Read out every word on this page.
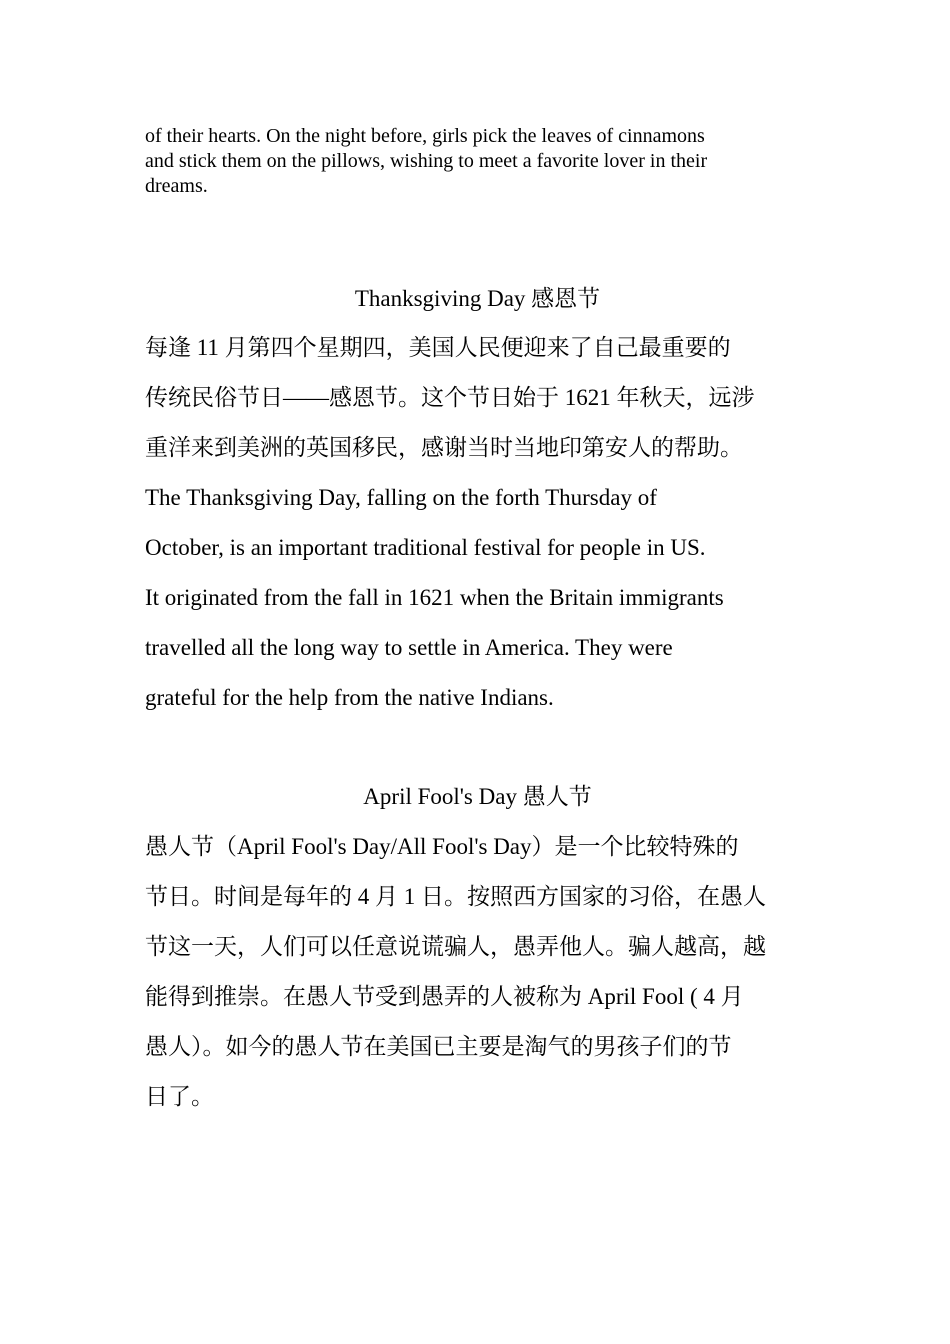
of their hearts. On the night before, girls pick the leaves of cinnamons
and stick them on the pillows, wishing to meet a favorite lover in their
dreams.
Thanksgiving Day 感恩节
每逢 11 月第四个星期四，美国人民便迎来了自己最重要的
传统民俗节日——感恩节。这个节日始于 1621 年秋天，远涉
重洋来到美洲的英国移民，感谢当时当地印第安人的帮助。
The Thanksgiving Day, falling on the forth Thursday of
October, is an important traditional festival for people in US.
It originated from the fall in 1621 when the Britain immigrants
travelled all the long way to settle in America. They were
grateful for the help from the native Indians.
April Fool's Day 愚人节
愚人节（April Fool's Day/All Fool's Day）是一个比较特殊的
节日。时间是每年的 4 月 1 日。按照西方国家的习俗，在愚人
节这一天，人们可以任意说谎骗人，愚弄他人。骗人越高，越
能得到推崇。在愚人节受到愚弄的人被称为 April Fool ( 4 月
愚人）。如今的愚人节在美国已主要是淘气的男孩子们的节
日了。
